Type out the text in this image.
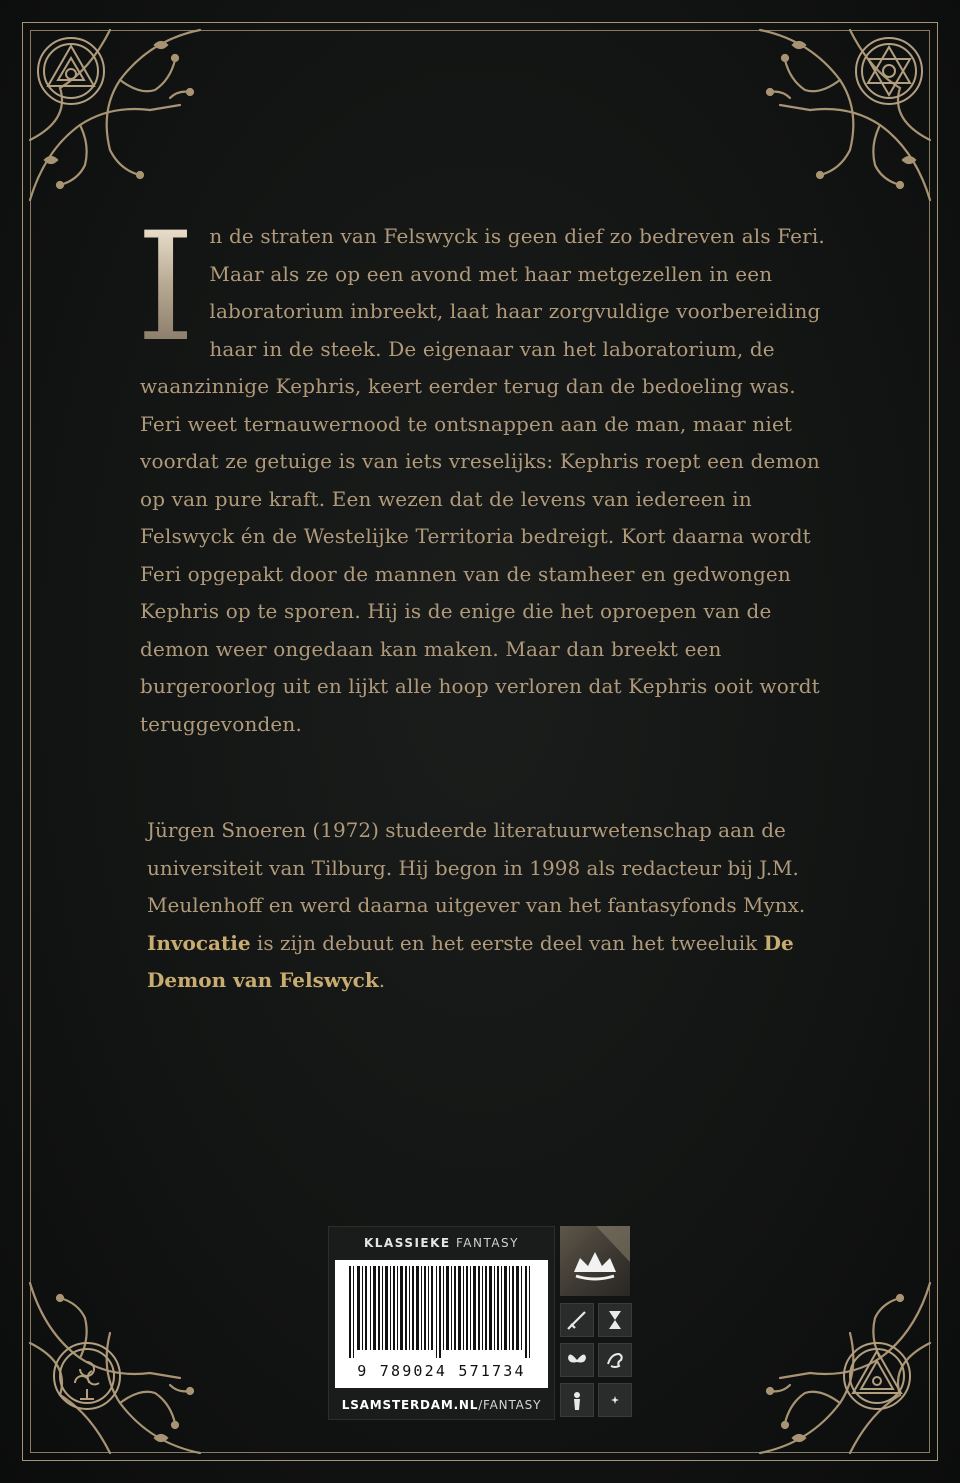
I n de straten van Felswyck is geen dief zo bedreven als Feri. Maar als ze op een avond met haar metgezellen in een laboratorium inbreekt, laat haar zorgvuldige voorbereiding haar in de steek. De eigenaar van het laboratorium, de waanzinnige Kephris, keert eerder terug dan de bedoeling was.

Feri weet ternauwernood te ontsnappen aan de man, maar niet voordat ze getuige is van iets vreselijks: Kephris roept een demon op van pure kraft. Een wezen dat de levens van iedereen in Felswyck én de Westelijke Territoria bedreigt. Kort daarna wordt Feri opgepakt door de mannen van de stamheer en gedwongen Kephris op te sporen. Hij is de enige die het oproepen van de demon weer ongedaan kan maken. Maar dan breekt een burgeroorlog uit en lijkt alle hoop verloren dat Kephris ooit wordt teruggevonden.

Jürgen Snoeren (1972) studeerde literatuurwetenschap aan de universiteit van Tilburg. Hij begon in 1998 als redacteur bij J.M. Meulenhoff en werd daarna uitgever van het fantasyfonds Mynx. Invocatie is zijn debuut en het eerste deel van het tweeluik De Demon van Felswyck.

KLASSIEKE FANTASY
9 789024 571734
LSAMSTERDAM.NL/FANTASY
